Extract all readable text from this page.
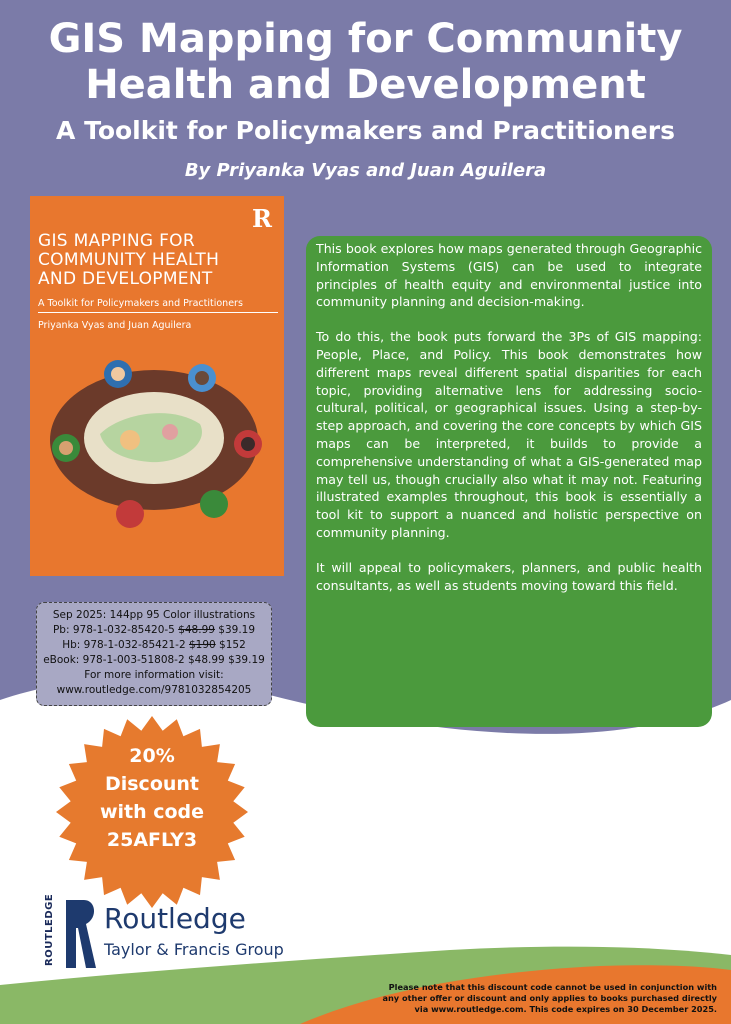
GIS Mapping for Community
Health and Development
A Toolkit for Policymakers and Practitioners
By Priyanka Vyas and Juan Aguilera
R
GIS MAPPING FOR
COMMUNITY HEALTH
AND DEVELOPMENT
A Toolkit for Policymakers and Practitioners
Priyanka Vyas and Juan Aguilera
Sep 2025: 144pp 95 Color illustrations
Pb: 978-1-032-85420-5 $48.99 $39.19
Hb: 978-1-032-85421-2 $190 $152
eBook: 978-1-003-51808-2 $48.99 $39.19
For more information visit:
www.routledge.com/9781032854205

This book explores how maps generated through Geographic Information Systems (GIS) can be used to integrate principles of health equity and environmental justice into community planning and decision-making.

To do this, the book puts forward the 3Ps of GIS mapping: People, Place, and Policy. This book demonstrates how different maps reveal different spatial disparities for each topic, providing alternative lens for addressing socio-cultural, political, or geographical issues. Using a step-by-step approach, and covering the core concepts by which GIS maps can be interpreted, it builds to provide a comprehensive understanding of what a GIS-generated map may tell us, though crucially also what it may not. Featuring illustrated examples throughout, this book is essentially a tool kit to support a nuanced and holistic perspective on community planning.

It will appeal to policymakers, planners, and public health consultants, as well as students moving toward this field.

20%
Discount
with code
25AFLY3
ROUTLEDGE Routledge
Taylor & Francis Group
Please note that this discount code cannot be used in conjunction with any other offer or discount and only applies to books purchased directly via www.routledge.com. This code expires on 30 December 2025.
